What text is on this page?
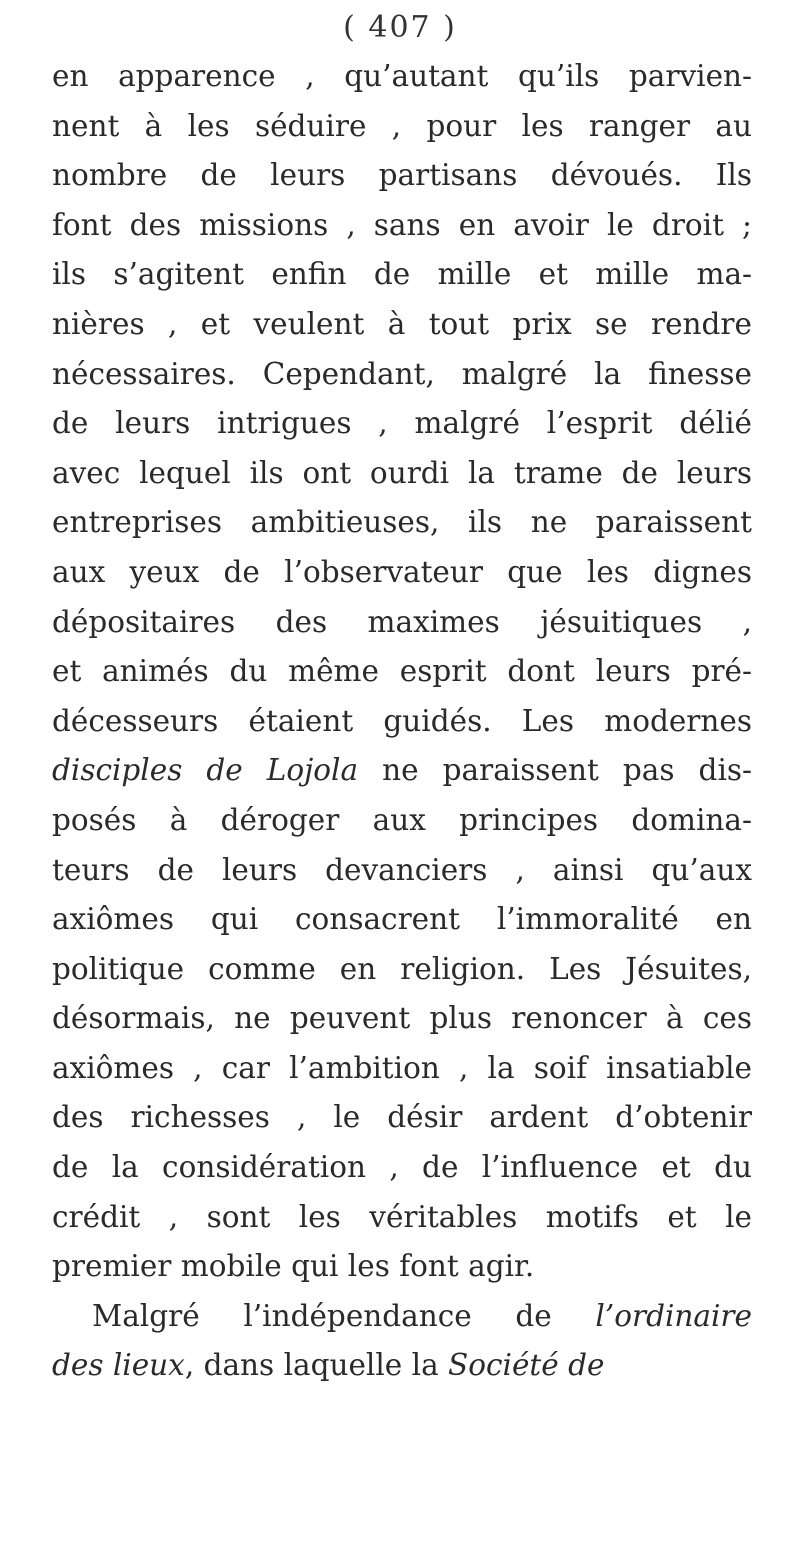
( 407 )
en apparence , qu’autant qu’ils parvien-
nent à les séduire , pour les ranger au
nombre de leurs partisans dévoués. Ils
font des missions , sans en avoir le droit ;
ils s’agitent enfin de mille et mille ma-
nières , et veulent à tout prix se rendre
nécessaires. Cependant, malgré la finesse
de leurs intrigues , malgré l’esprit délié
avec lequel ils ont ourdi la trame de leurs
entreprises ambitieuses, ils ne paraissent
aux yeux de l’observateur que les dignes
dépositaires des maximes jésuitiques ,
et animés du même esprit dont leurs pré-
décesseurs étaient guidés. Les modernes
disciples de Lojola ne paraissent pas dis-
posés à déroger aux principes domina-
teurs de leurs devanciers , ainsi qu’aux
axiômes qui consacrent l’immoralité en
politique comme en religion. Les Jésuites,
désormais, ne peuvent plus renoncer à ces
axiômes , car l’ambition , la soif insatiable
des richesses , le désir ardent d’obtenir
de la considération , de l’influence et du
crédit , sont les véritables motifs et le
premier mobile qui les font agir.
Malgré l’indépendance de l’ordinaire
des lieux, dans laquelle la Société de
